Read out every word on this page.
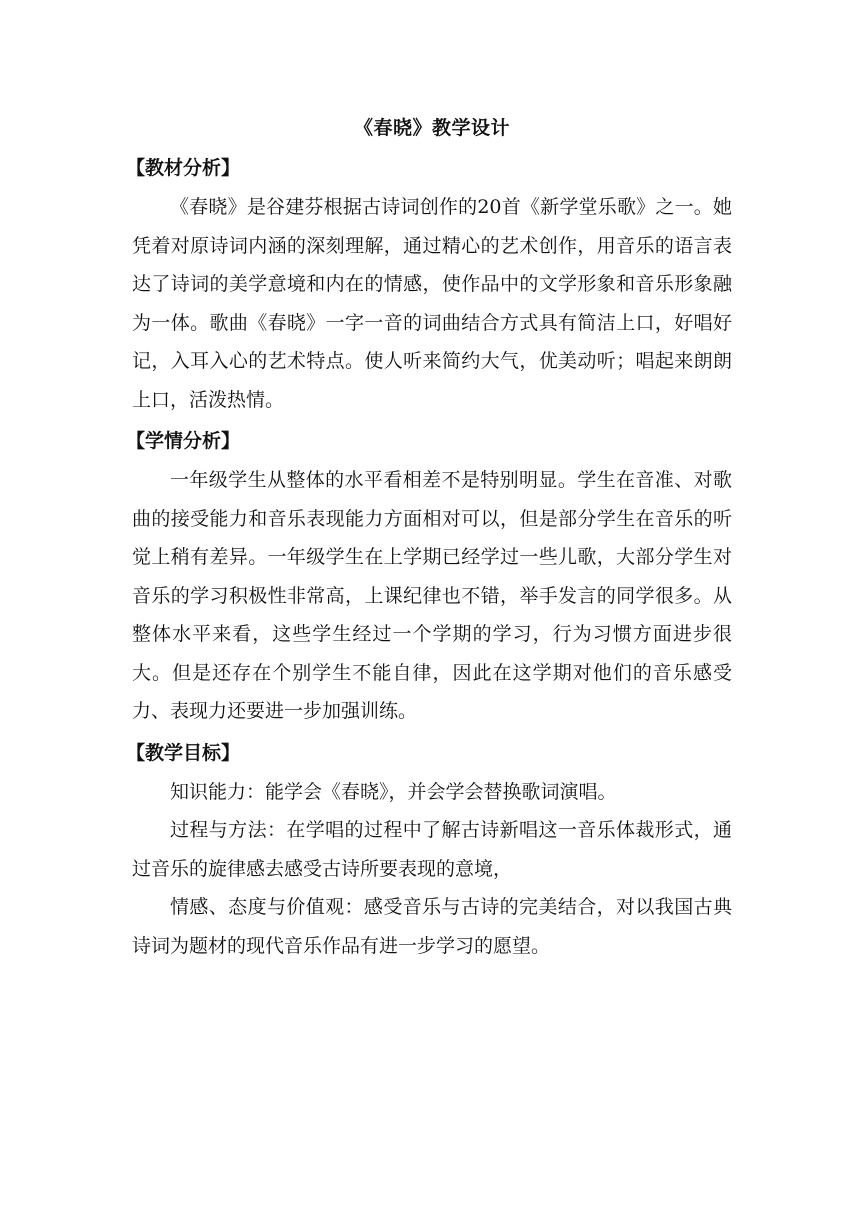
《春晓》教学设计
【教材分析】

《春晓》是谷建芬根据古诗词创作的20首《新学堂乐歌》之一。她凭着对原诗词内涵的深刻理解，通过精心的艺术创作，用音乐的语言表达了诗词的美学意境和内在的情感，使作品中的文学形象和音乐形象融为一体。歌曲《春晓》一字一音的词曲结合方式具有简洁上口，好唱好记，入耳入心的艺术特点。使人听来简约大气，优美动听；唱起来朗朗上口，活泼热情。

【学情分析】

一年级学生从整体的水平看相差不是特别明显。学生在音准、对歌曲的接受能力和音乐表现能力方面相对可以，但是部分学生在音乐的听觉上稍有差异。一年级学生在上学期已经学过一些儿歌，大部分学生对音乐的学习积极性非常高，上课纪律也不错，举手发言的同学很多。从整体水平来看，这些学生经过一个学期的学习，行为习惯方面进步很大。但是还存在个别学生不能自律，因此在这学期对他们的音乐感受力、表现力还要进一步加强训练。

【教学目标】

知识能力：能学会《春晓》，并会学会替换歌词演唱。

过程与方法：在学唱的过程中了解古诗新唱这一音乐体裁形式，通过音乐的旋律感去感受古诗所要表现的意境，

情感、态度与价值观：感受音乐与古诗的完美结合，对以我国古典诗词为题材的现代音乐作品有进一步学习的愿望。
